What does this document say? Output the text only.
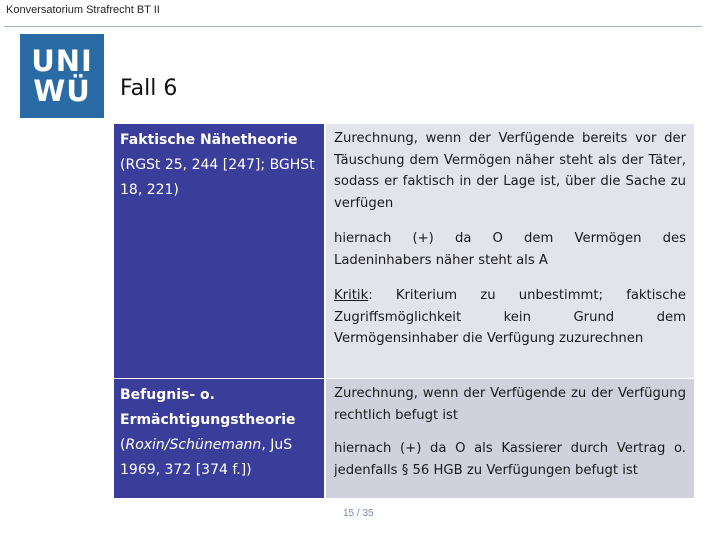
Konversatorium Strafrecht BT II
UNI
WÜ Fall 6
Faktische Nähetheorie (RGSt 25, 244 [247]; BGHSt 18, 221)

Zurechnung, wenn der Verfügende bereits vor der Täuschung dem Vermögen näher steht als der Täter, sodass er faktisch in der Lage ist, über die Sache zu verfügen

hiernach (+) da O dem Vermögen des Ladeninhabers näher steht als A

Kritik: Kriterium zu unbestimmt; faktische Zugriffsmöglichkeit kein Grund dem Vermögensinhaber die Verfügung zuzurechnen

Befugnis- o. Ermächtigungstheorie (Roxin/Schünemann, JuS 1969, 372 [374 f.])

Zurechnung, wenn der Verfügende zu der Verfügung rechtlich befugt ist

hiernach (+) da O als Kassierer durch Vertrag o. jedenfalls § 56 HGB zu Verfügungen befugt ist

15 / 35
